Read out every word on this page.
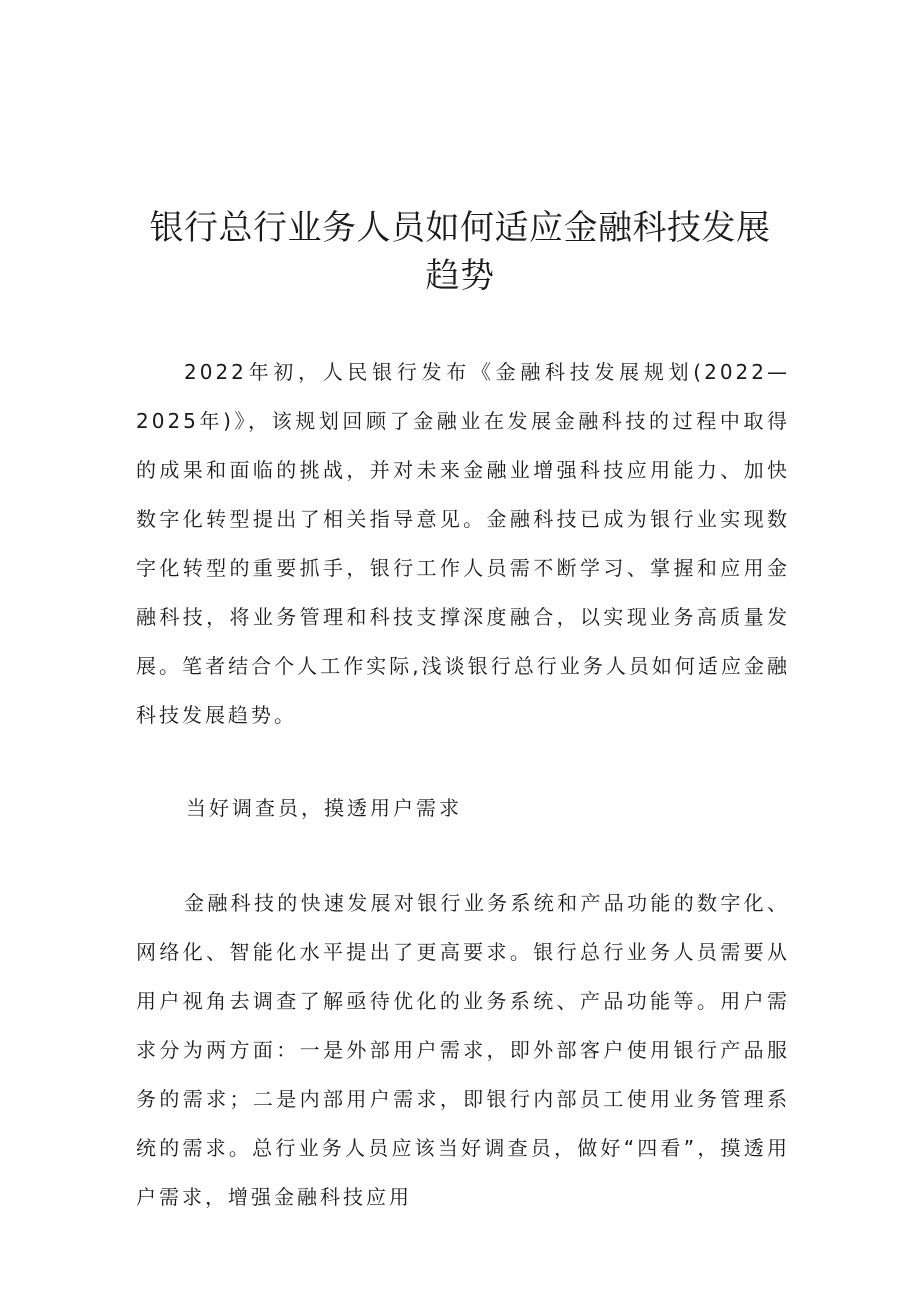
银行总行业务人员如何适应金融科技发展
趋势

2022年初，人民银行发布《金融科技发展规划(2022—2025年)》，该规划回顾了金融业在发展金融科技的过程中取得的成果和面临的挑战，并对未来金融业增强科技应用能力、加快数字化转型提出了相关指导意见。金融科技已成为银行业实现数字化转型的重要抓手，银行工作人员需不断学习、掌握和应用金融科技，将业务管理和科技支撑深度融合，以实现业务高质量发展。笔者结合个人工作实际,浅谈银行总行业务人员如何适应金融科技发展趋势。

当好调查员，摸透用户需求

金融科技的快速发展对银行业务系统和产品功能的数字化、网络化、智能化水平提出了更高要求。银行总行业务人员需要从用户视角去调查了解亟待优化的业务系统、产品功能等。用户需求分为两方面：一是外部用户需求，即外部客户使用银行产品服务的需求；二是内部用户需求，即银行内部员工使用业务管理系统的需求。总行业务人员应该当好调查员，做好“四看”，摸透用户需求，增强金融科技应用
